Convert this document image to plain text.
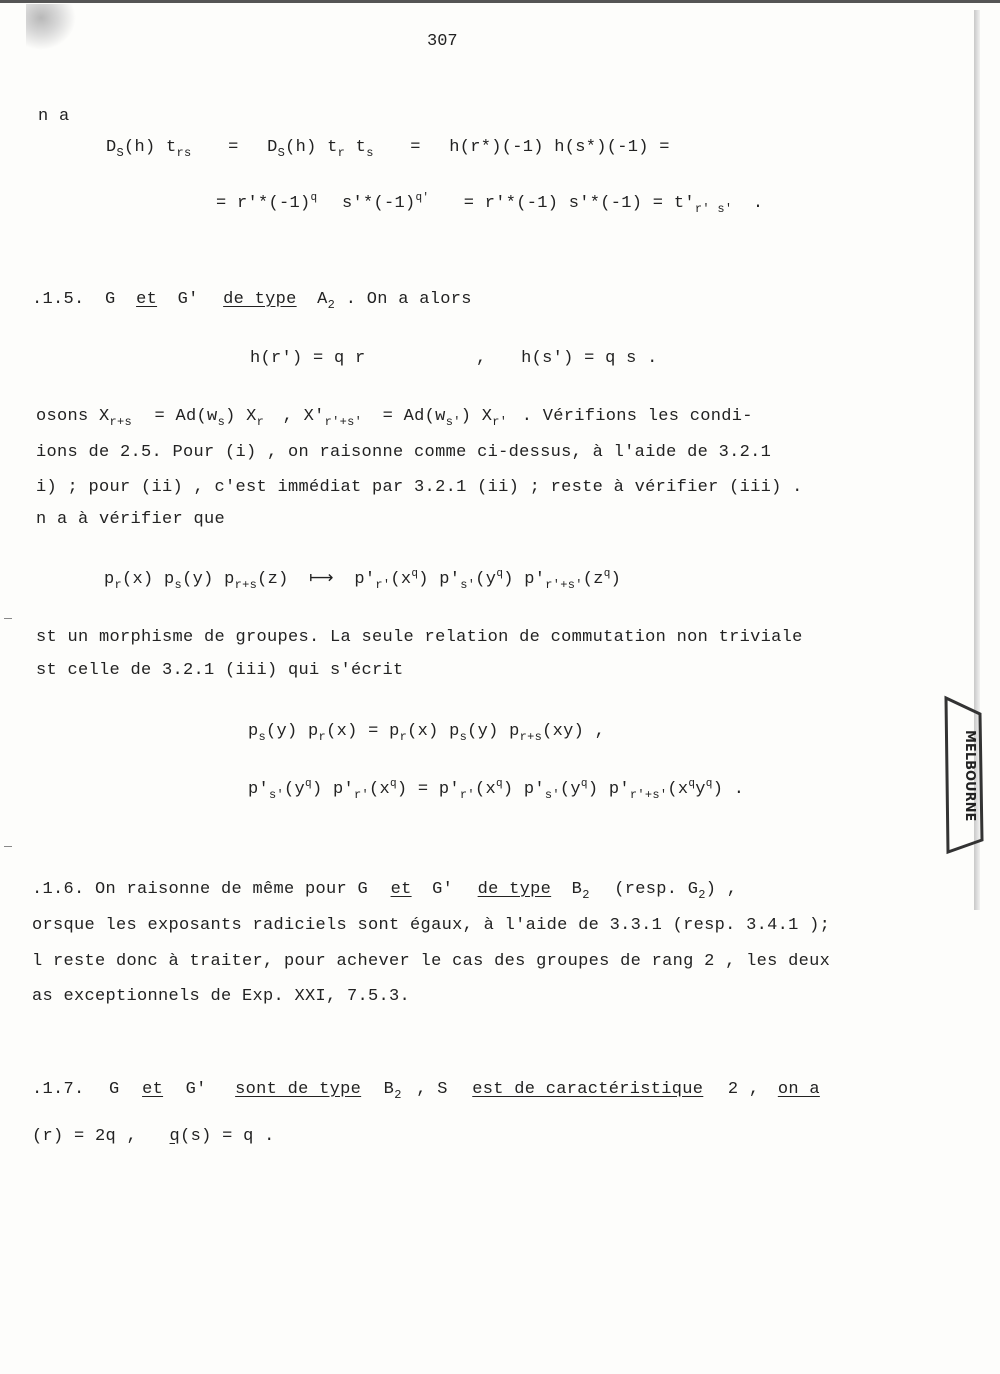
307
n a
$D_S(h) t_{rs} = D_S(h)$ $t_r$ $t_s = h(r*)(-1) h(s*)(-1)$ =
= $r'*(-1)^q$ $s'*(-1)^{q'} = r'*(-1) s'*(-1) = t'_{r' s'}$ .
.1.5. G et G' de type $A_2$ . On a alors
h(r') = q r	, h(s') = q s .
osons $X_{r+s} = Ad(w_s)$ $X_r$ , $X'_{r'+s'} = Ad(w_{s'})$ $X_{r'}$ . Vérifions les condi-
ions de 2.5. Pour (i) , on raisonne comme ci-dessus, à l'aide de 3.2.1
i) ; pour (ii) , c'est immédiat par 3.2.1 (ii) ; reste à vérifier (iii) .
n a à vérifier que
$p_r(x)$ $p_s(y)$ $p_{r+s}(z)$ ⟼ $p'_{r'}(x^q)$ $p'_{s'}(y^q)$ $p'_{r'+s'}(z^q)$
st un morphisme de groupes. La seule relation de commutation non triviale
st celle de 3.2.1 (iii) qui s'écrit
$p_s(y) p_r(x) = p_r(x)$ $p_s(y)$ $p_{r+s}(xy)$ ,
$p'_{s'}(y^q) p'_{r'}(x^q) = p'_{r'}(x^q)$ $p'_{s'}(y^q)$ $p'_{r'+s'}(x^qy^q)$ .
.1.6. On raisonne de même pour G et G' de type $B_2$ (resp. $G_2$) ,
orsque les exposants radiciels sont égaux, à l'aide de 3.3.1 (resp. 3.4.1 );
l reste donc à traiter, pour achever le cas des groupes de rang 2 , les deux
as exceptionnels de Exp. XXI, 7.5.3.
.1.7. G et G' sont de type $B_2$ , S est de caractéristique 2 , on a
(r) = 2q , q(s) = q .
MELBOURNE
